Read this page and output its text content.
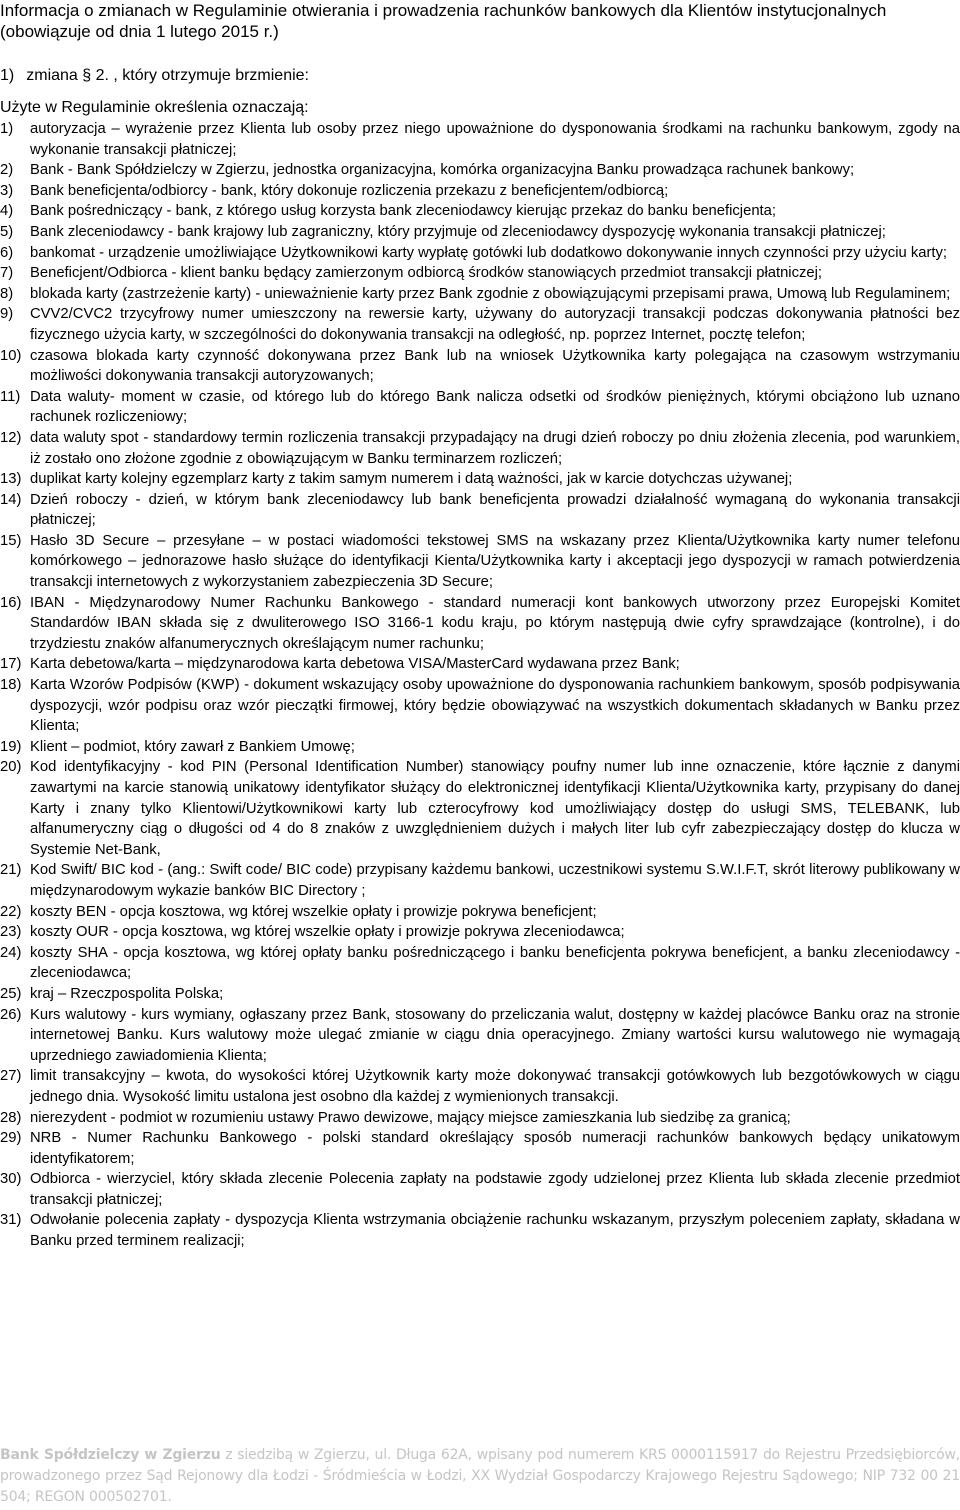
Informacja o zmianach w Regulaminie otwierania i prowadzenia rachunków bankowych dla Klientów instytucjonalnych (obowiązuje od dnia 1 lutego 2015 r.)
1) zmiana § 2. , który otrzymuje brzmienie:
Użyte w Regulaminie określenia oznaczają:
1)	autoryzacja – wyrażenie przez Klienta lub osoby przez niego upoważnione do dysponowania środkami na rachunku bankowym, zgody na wykonanie transakcji płatniczej;
2)	Bank - Bank Spółdzielczy w Zgierzu, jednostka organizacyjna, komórka organizacyjna Banku prowadząca rachunek bankowy;
3)	Bank beneficjenta/odbiorcy - bank, który dokonuje rozliczenia przekazu z beneficjentem/odbiorcą;
4)	Bank pośredniczący - bank, z którego usług korzysta bank zleceniodawcy kierując przekaz do banku beneficjenta;
5)	Bank zleceniodawcy - bank krajowy lub zagraniczny, który przyjmuje od zleceniodawcy dyspozycję wykonania transakcji płatniczej;
6)	bankomat - urządzenie umożliwiające Użytkownikowi karty wypłatę gotówki lub dodatkowo dokonywanie innych czynności przy użyciu karty;
7)	Beneficjent/Odbiorca - klient banku będący zamierzonym odbiorcą środków stanowiących przedmiot transakcji płatniczej;
8)	blokada karty (zastrzeżenie karty) - unieważnienie karty przez Bank zgodnie z obowiązującymi przepisami prawa, Umową lub Regulaminem;
9)	CVV2/CVC2 trzycyfrowy numer umieszczony na rewersie karty, używany do autoryzacji transakcji podczas dokonywania płatności bez fizycznego użycia karty, w szczególności do dokonywania transakcji na odległość, np. poprzez Internet, pocztę telefon;
10) czasowa blokada karty czynność dokonywana przez Bank lub na wniosek Użytkownika karty polegająca na czasowym wstrzymaniu możliwości dokonywania transakcji autoryzowanych;
11) Data waluty- moment w czasie, od którego lub do którego Bank nalicza odsetki od środków pieniężnych, którymi obciążono lub uznano rachunek rozliczeniowy;
12) data waluty spot - standardowy termin rozliczenia transakcji przypadający na drugi dzień roboczy po dniu złożenia zlecenia, pod warunkiem, iż zostało ono złożone zgodnie z obowiązującym w Banku terminarzem rozliczeń;
13) duplikat karty kolejny egzemplarz karty z takim samym numerem i datą ważności, jak w karcie dotychczas używanej;
14) Dzień roboczy - dzień, w którym bank zleceniodawcy lub bank beneficjenta prowadzi działalność wymaganą do wykonania transakcji płatniczej;
15) Hasło 3D Secure – przesyłane – w postaci wiadomości tekstowej SMS na wskazany przez Klienta/Użytkownika karty numer telefonu komórkowego – jednorazowe hasło służące do identyfikacji Kienta/Użytkownika karty i akceptacji jego dyspozycji w ramach potwierdzenia transakcji internetowych z wykorzystaniem zabezpieczenia 3D Secure;
16) IBAN - Międzynarodowy Numer Rachunku Bankowego - standard numeracji kont bankowych utworzony przez Europejski Komitet Standardów IBAN składa się z dwuliterowego ISO 3166-1 kodu kraju, po którym następują dwie cyfry sprawdzające (kontrolne), i do trzydziestu znaków alfanumerycznych określającym numer rachunku;
17) Karta debetowa/karta – międzynarodowa karta debetowa VISA/MasterCard wydawana przez Bank;
18) Karta Wzorów Podpisów (KWP) - dokument wskazujący osoby upoważnione do dysponowania rachunkiem bankowym, sposób podpisywania dyspozycji, wzór podpisu oraz wzór pieczątki firmowej, który będzie obowiązywać na wszystkich dokumentach składanych w Banku przez Klienta;
19) Klient – podmiot, który zawarł z Bankiem Umowę;
20) Kod identyfikacyjny - kod PIN (Personal Identification Number) stanowiący poufny numer lub inne oznaczenie, które łącznie z danymi zawartymi na karcie stanowią unikatowy identyfikator służący do elektronicznej identyfikacji Klienta/Użytkownika karty, przypisany do danej Karty i znany tylko Klientowi/Użytkownikowi karty lub czterocyfrowy kod umożliwiający dostęp do usługi SMS, TELEBANK, lub alfanumeryczny ciąg o długości od 4 do 8 znaków z uwzględnieniem dużych i małych liter lub cyfr zabezpieczający dostęp do klucza w Systemie Net-Bank,
21) Kod Swift/ BIC kod - (ang.: Swift code/ BIC code) przypisany każdemu bankowi, uczestnikowi systemu S.W.I.F.T, skrót literowy publikowany w międzynarodowym wykazie banków BIC Directory ;
22) koszty BEN - opcja kosztowa, wg której wszelkie opłaty i prowizje pokrywa beneficjent;
23) koszty OUR - opcja kosztowa, wg której wszelkie opłaty i prowizje pokrywa zleceniodawca;
24) koszty SHA - opcja kosztowa, wg której opłaty banku pośredniczącego i banku beneficjenta pokrywa beneficjent, a banku zleceniodawcy - zleceniodawca;
25) kraj – Rzeczpospolita Polska;
26) Kurs walutowy - kurs wymiany, ogłaszany przez Bank, stosowany do przeliczania walut, dostępny w każdej placówce Banku oraz na stronie internetowej Banku. Kurs walutowy może ulegać zmianie w ciągu dnia operacyjnego. Zmiany wartości kursu walutowego nie wymagają uprzedniego zawiadomienia Klienta;
27) limit transakcyjny – kwota, do wysokości której Użytkownik karty może dokonywać transakcji gotówkowych lub bezgotówkowych w ciągu jednego dnia. Wysokość limitu ustalona jest osobno dla każdej z wymienionych transakcji.
28) nierezydent - podmiot w rozumieniu ustawy Prawo dewizowe, mający miejsce zamieszkania lub siedzibę za granicą;
29) NRB - Numer Rachunku Bankowego - polski standard określający sposób numeracji rachunków bankowych będący unikatowym identyfikatorem;
30) Odbiorca - wierzyciel, który składa zlecenie Polecenia zapłaty na podstawie zgody udzielonej przez Klienta lub składa zlecenie przedmiot transakcji płatniczej;
31) Odwołanie polecenia zapłaty - dyspozycja Klienta wstrzymania obciążenie rachunku wskazanym, przyszłym poleceniem zapłaty, składana w Banku przed terminem realizacji;
Bank Spółdzielczy w Zgierzu z siedzibą w Zgierzu, ul. Długa 62A, wpisany pod numerem KRS 0000115917 do Rejestru Przedsiębiorców, prowadzonego przez Sąd Rejonowy dla Łodzi - Śródmieścia w Łodzi, XX Wydział Gospodarczy Krajowego Rejestru Sądowego; NIP 732 00 21 504; REGON 000502701.
